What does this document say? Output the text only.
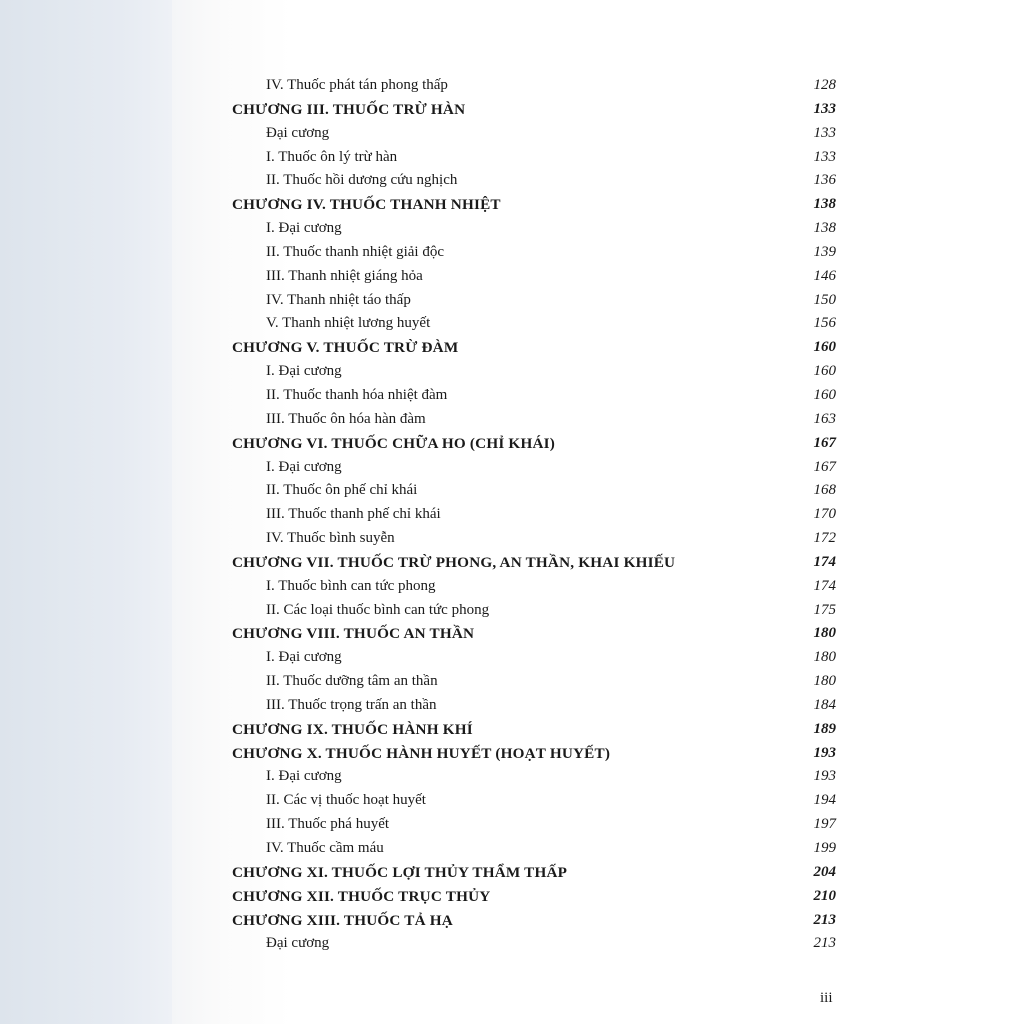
IV. Thuốc phát tán phong thấp	128
CHƯƠNG III. THUỐC TRỪ HÀN	133
Đại cương	133
I. Thuốc ôn lý trừ hàn	133
II. Thuốc hồi dương cứu nghịch	136
CHƯƠNG IV. THUỐC THANH NHIỆT	138
I. Đại cương	138
II. Thuốc thanh nhiệt giải độc	139
III. Thanh nhiệt giáng hỏa	146
IV. Thanh nhiệt táo thấp	150
V. Thanh nhiệt lương huyết	156
CHƯƠNG V. THUỐC TRỪ ĐÀM	160
I. Đại cương	160
II. Thuốc thanh hóa nhiệt đàm	160
III. Thuốc ôn hóa hàn đàm	163
CHƯƠNG VI. THUỐC CHỮA HO (CHỈ KHÁI)	167
I. Đại cương	167
II. Thuốc ôn phế chỉ khái	168
III. Thuốc thanh phế chỉ khái	170
IV. Thuốc bình suyễn	172
CHƯƠNG VII. THUỐC TRỪ PHONG, AN THẦN, KHAI KHIẾU	174
I. Thuốc bình can tức phong	174
II. Các loại thuốc bình can tức phong	175
CHƯƠNG VIII. THUỐC AN THẦN	180
I. Đại cương	180
II. Thuốc dưỡng tâm an thần	180
III. Thuốc trọng trấn an thần	184
CHƯƠNG IX. THUỐC HÀNH KHÍ	189
CHƯƠNG X. THUỐC HÀNH HUYẾT (HOẠT HUYẾT)	193
I. Đại cương	193
II. Các vị thuốc hoạt huyết	194
III. Thuốc phá huyết	197
IV. Thuốc cầm máu	199
CHƯƠNG XI. THUỐC LỢI THỦY THẨM THẤP	204
CHƯƠNG XII. THUỐC TRỤC THỦY	210
CHƯƠNG XIII. THUỐC TẢ HẠ	213
Đại cương	213
iii
